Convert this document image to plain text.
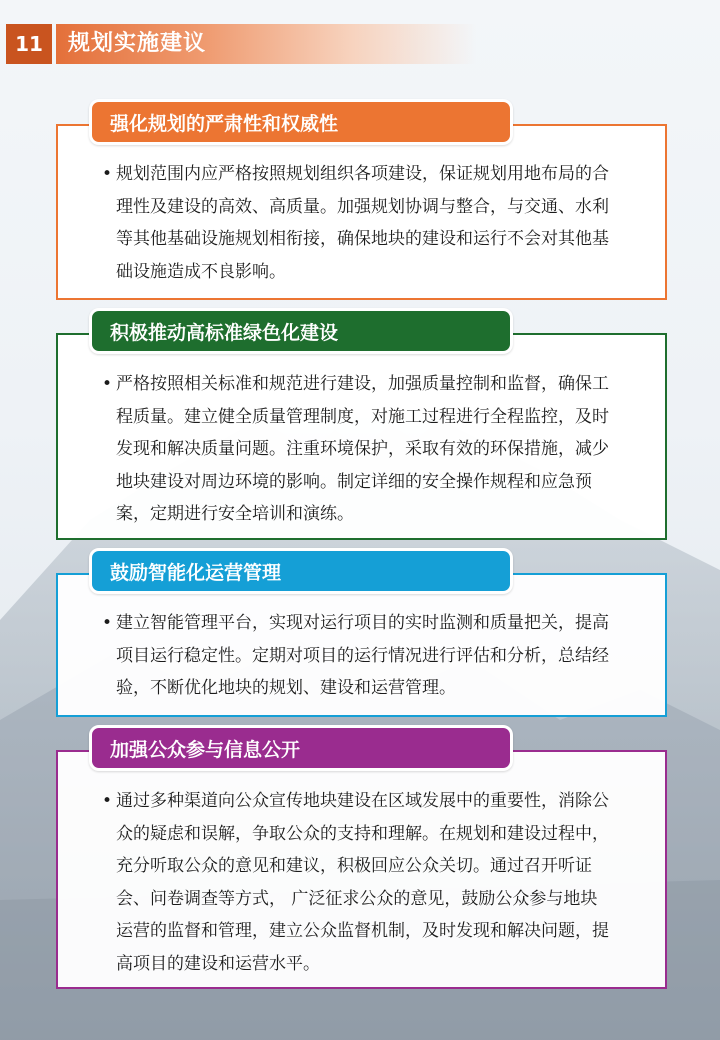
11	规划实施建议
强化规划的严肃性和权威性
• 规划范围内应严格按照规划组织各项建设，保证规划用地布局的合理性及建设的高效、高质量。加强规划协调与整合，与交通、水利等其他基础设施规划相衔接，确保地块的建设和运行不会对其他基础设施造成不良影响。
积极推动高标准绿色化建设
• 严格按照相关标准和规范进行建设，加强质量控制和监督，确保工程质量。建立健全质量管理制度，对施工过程进行全程监控，及时发现和解决质量问题。注重环境保护，采取有效的环保措施，减少地块建设对周边环境的影响。制定详细的安全操作规程和应急预案，定期进行安全培训和演练。
鼓励智能化运营管理
• 建立智能管理平台，实现对运行项目的实时监测和质量把关，提高项目运行稳定性。定期对项目的运行情况进行评估和分析，总结经验，不断优化地块的规划、建设和运营管理。
加强公众参与信息公开
• 通过多种渠道向公众宣传地块建设在区域发展中的重要性，消除公众的疑虑和误解，争取公众的支持和理解。在规划和建设过程中，充分听取公众的意见和建议，积极回应公众关切。通过召开听证会、问卷调查等方式， 广泛征求公众的意见，鼓励公众参与地块运营的监督和管理，建立公众监督机制，及时发现和解决问题，提高项目的建设和运营水平。
